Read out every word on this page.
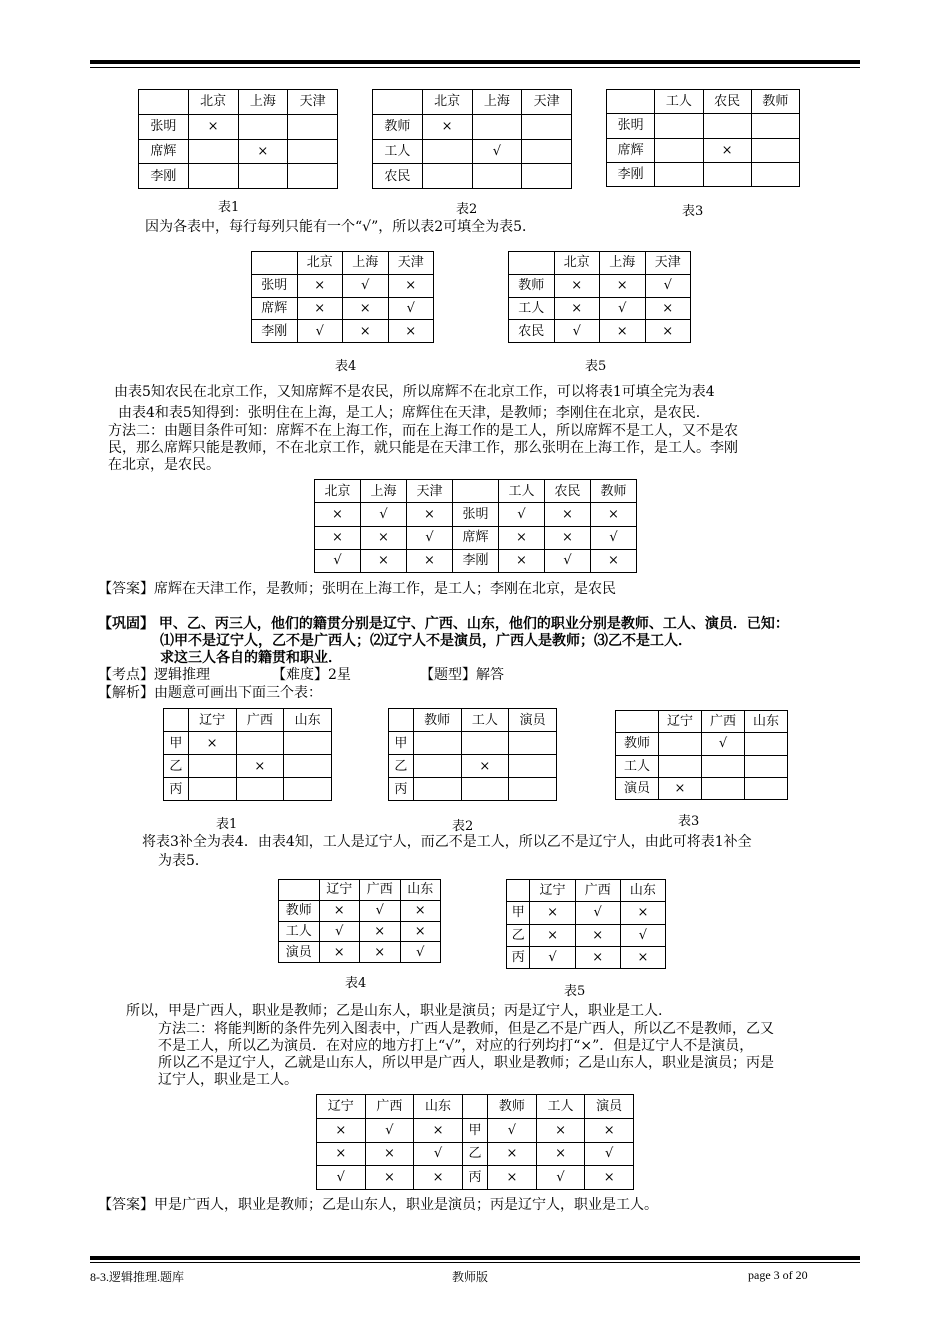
	北京	上海	天津
张明	×		
席辉		×	
李刚			
	北京	上海	天津
教师	×		
工人		√	
农民			
	工人	农民	教师
张明			
席辉		×	
李刚			
表1	表2	表3
因为各表中，每行每列只能有一个“√”，所以表2可填全为表5．
	北京	上海	天津
张明	×	√	×
席辉	×	×	√
李刚	√	×	×
	北京	上海	天津
教师	×	×	√
工人	×	√	×
农民	√	×	×
表4	表5
由表5知农民在北京工作，又知席辉不是农民，所以席辉不在北京工作，可以将表1可填全完为表4
由表4和表5知得到：张明住在上海，是工人；席辉住在天津，是教师；李刚住在北京，是农民.
方法二：由题目条件可知：席辉不在上海工作，而在上海工作的是工人，所以席辉不是工人，又不是农
民，那么席辉只能是教师，不在北京工作，就只能是在天津工作，那么张明在上海工作，是工人。李刚
在北京，是农民。
北京	上海	天津		工人	农民	教师
×	√	×	张明	√	×	×
×	×	√	席辉	×	×	√
√	×	×	李刚	×	√	×
【答案】席辉在天津工作，是教师；张明在上海工作，是工人；李刚在北京，是农民
【巩固】 甲、乙、丙三人，他们的籍贯分别是辽宁、广西、山东，他们的职业分别是教师、工人、演员．已知：
⑴甲不是辽宁人，乙不是广西人；⑵辽宁人不是演员，广西人是教师；⑶乙不是工人．
求这三人各自的籍贯和职业．
【考点】逻辑推理	【难度】2星	【题型】解答
【解析】由题意可画出下面三个表：
	辽宁	广西	山东
甲	×		
乙		×	
丙			
	教师	工人	演员
甲			
乙		×	
丙			
	辽宁	广西	山东
教师		√	
工人			
演员	×		
表1	表2	表3
将表3补全为表4．由表4知，工人是辽宁人，而乙不是工人，所以乙不是辽宁人，由此可将表1补全
为表5．
	辽宁	广西	山东
教师	×	√	×
工人	√	×	×
演员	×	×	√
	辽宁	广西	山东
甲	×	√	×
乙	×	×	√
丙	√	×	×
表4
表5
所以，甲是广西人，职业是教师；乙是山东人，职业是演员；丙是辽宁人，职业是工人.
方法二：将能判断的条件先列入图表中，广西人是教师，但是乙不是广西人，所以乙不是教师，乙又
不是工人，所以乙为演员．在对应的地方打上“√”，对应的行列均打“×”．但是辽宁人不是演员，
所以乙不是辽宁人，乙就是山东人，所以甲是广西人，职业是教师；乙是山东人，职业是演员；丙是
辽宁人，职业是工人。
辽宁	广西	山东		教师	工人	演员
×	√	×	甲	√	×	×
×	×	√	乙	×	×	√
√	×	×	丙	×	√	×
【答案】甲是广西人，职业是教师；乙是山东人，职业是演员；丙是辽宁人，职业是工人。
8-3.逻辑推理.题库	教师版	page 3 of 20
